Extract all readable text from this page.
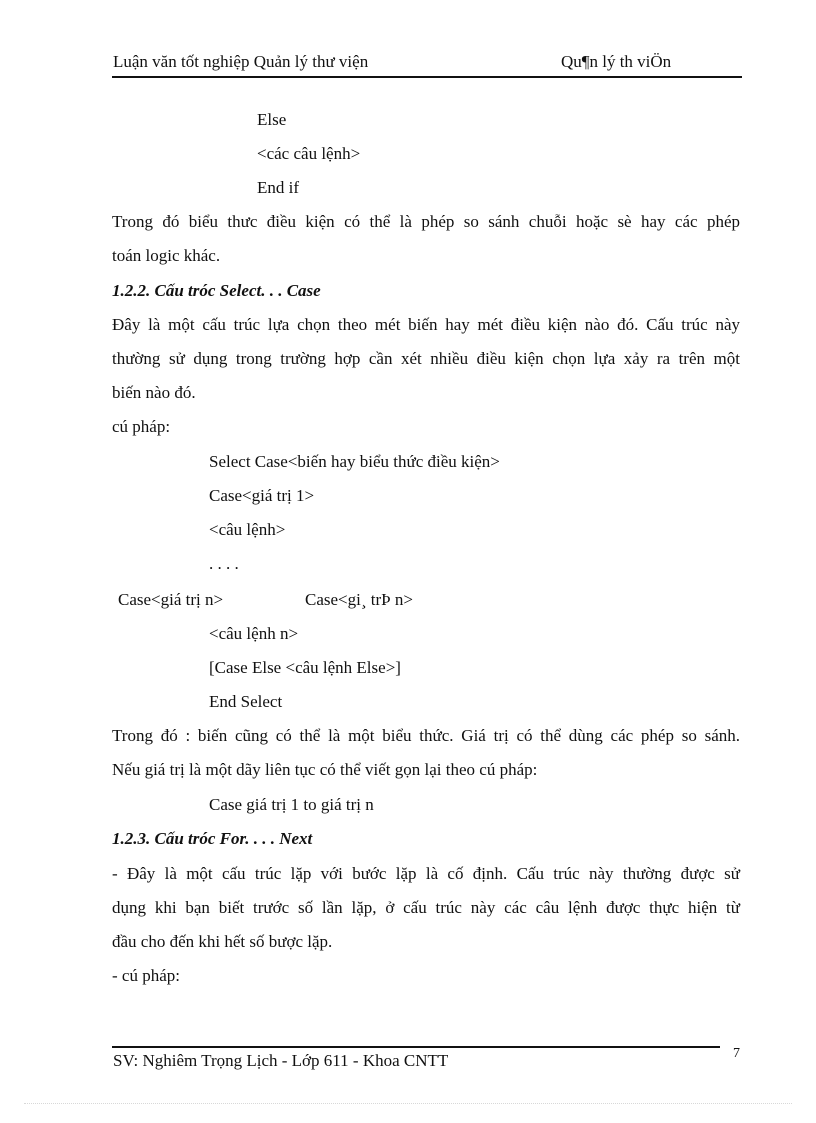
Luận văn tốt nghiệp Quản lý thư viện	Qu¶n lý th viÖn
Else
<các câu lệnh>
End if
Trong đó biểu thưc điều kiện có thể là phép so sánh chuỗi hoặc sè hay các phép
toán logic khác.
1.2.2. Cấu tróc Select. . . Case
Đây là một cấu trúc lựa chọn theo mét biến hay mét điều kiện nào đó. Cấu trúc này
thường sử dụng trong trường hợp cần xét nhiều điều kiện chọn lựa xảy ra trên một
biến nào đó.
cú pháp:
Select Case<biến hay biểu thức điều kiện>
Case<giá trị 1>
<câu lệnh>
. . . .
Case<giá trị n>	Case<gi¸ trÞ n>
<câu lệnh n>
[Case Else <câu lệnh Else>]
End Select
Trong đó : biến cũng có thể là một biểu thức. Giá trị có thể dùng các phép so sánh.
Nếu giá trị là một dãy liên tục có thể viết gọn lại theo cú pháp:
Case giá trị 1 to giá trị n
1.2.3. Cấu tróc For. . . . Next
- Đây là một cấu trúc lặp với bước lặp là cố định. Cấu trúc này thường được sử
dụng khi bạn biết trước số lần lặp, ở cấu trúc này các câu lệnh được thực hiện từ
đầu cho đến khi hết số bược lặp.
- cú pháp:
SV: Nghiêm Trọng Lịch - Lớp 611 - Khoa CNTT	7
